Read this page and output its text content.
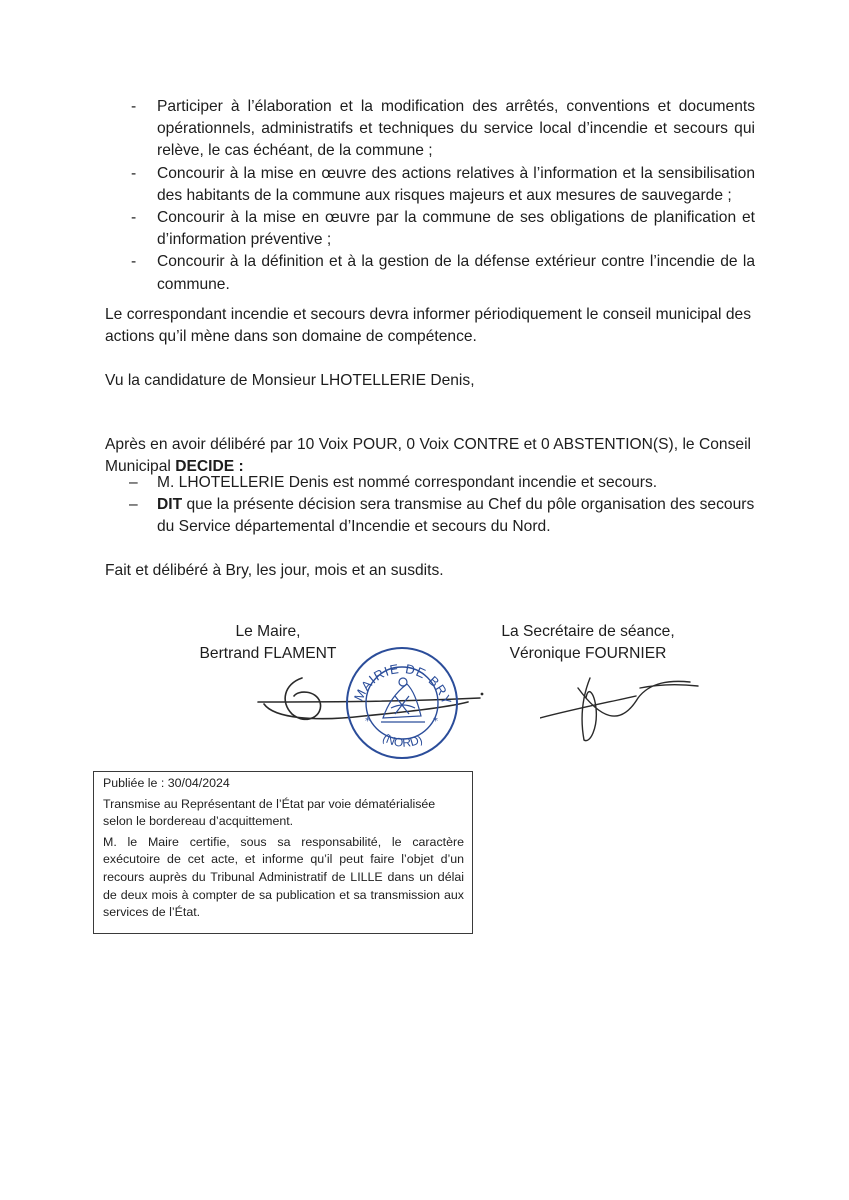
- Participer à l’élaboration et la modification des arrêtés, conventions et documents opérationnels, administratifs et techniques du service local d’incendie et secours qui relève, le cas échéant, de la commune ;
- Concourir à la mise en œuvre des actions relatives à l’information et la sensibilisation des habitants de la commune aux risques majeurs et aux mesures de sauvegarde ;
- Concourir à la mise en œuvre par la commune de ses obligations de planification et d’information préventive ;
- Concourir à la définition et à la gestion de la défense extérieur contre l’incendie de la commune.

Le correspondant incendie et secours devra informer périodiquement le conseil municipal des actions qu’il mène dans son domaine de compétence.

Vu la candidature de Monsieur LHOTELLERIE Denis,

Après en avoir délibéré par 10 Voix POUR, 0 Voix CONTRE et 0 ABSTENTION(S), le Conseil Municipal DECIDE :

– M. LHOTELLERIE Denis est nommé correspondant incendie et secours.
– DIT que la présente décision sera transmise au Chef du pôle organisation des secours du Service départemental d’Incendie et secours du Nord.

Fait et délibéré à Bry, les jour, mois et an susdits.

Le Maire,
Bertrand FLAMENT
La Secrétaire de séance,
Véronique FOURNIER
MAIRIE DE BRY
(NORD)
*	*

Publiée le : 30/04/2024

Transmise au Représentant de l’État par voie dématérialisée selon le bordereau d’acquittement.

M. le Maire certifie, sous sa responsabilité, le caractère exécutoire de cet acte, et informe qu’il peut faire l’objet d’un recours auprès du Tribunal Administratif de LILLE dans un délai de deux mois à compter de sa publication et sa transmission aux services de l’État.
